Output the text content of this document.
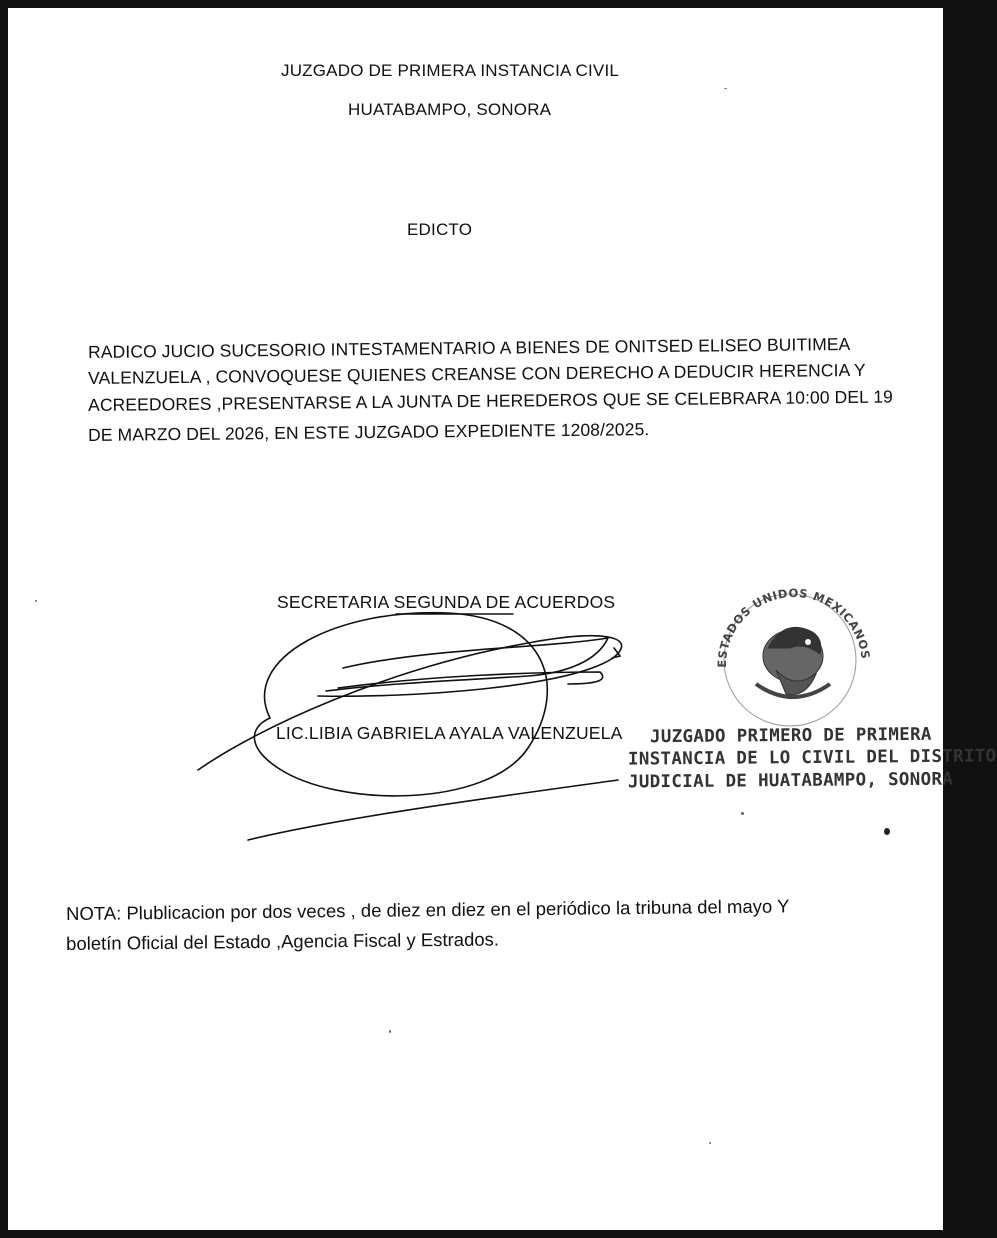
JUZGADO DE PRIMERA INSTANCIA CIVIL
HUATABAMPO, SONORA
EDICTO
RADICO JUCIO SUCESORIO INTESTAMENTARIO A BIENES DE ONITSED ELISEO BUITIMEA
VALENZUELA , CONVOQUESE QUIENES CREANSE CON DERECHO A DEDUCIR HERENCIA Y
ACREEDORES ,PRESENTARSE A LA JUNTA DE HEREDEROS QUE SE CELEBRARA 10:00 DEL 19
DE MARZO DEL 2026, EN ESTE JUZGADO EXPEDIENTE 1208/2025.
SECRETARIA SEGUNDA DE ACUERDOS
LIC.LIBIA GABRIELA AYALA VALENZUELA
ESTADOS UNIDOS MEXICANOS
JUZGADO PRIMERO DE PRIMERA
INSTANCIA DE LO CIVIL DEL DISTRITO
JUDICIAL DE HUATABAMPO, SONORA
NOTA: Plublicacion por dos veces , de diez en diez en el periódico la tribuna del mayo Y
boletín Oficial del Estado ,Agencia Fiscal y Estrados.
